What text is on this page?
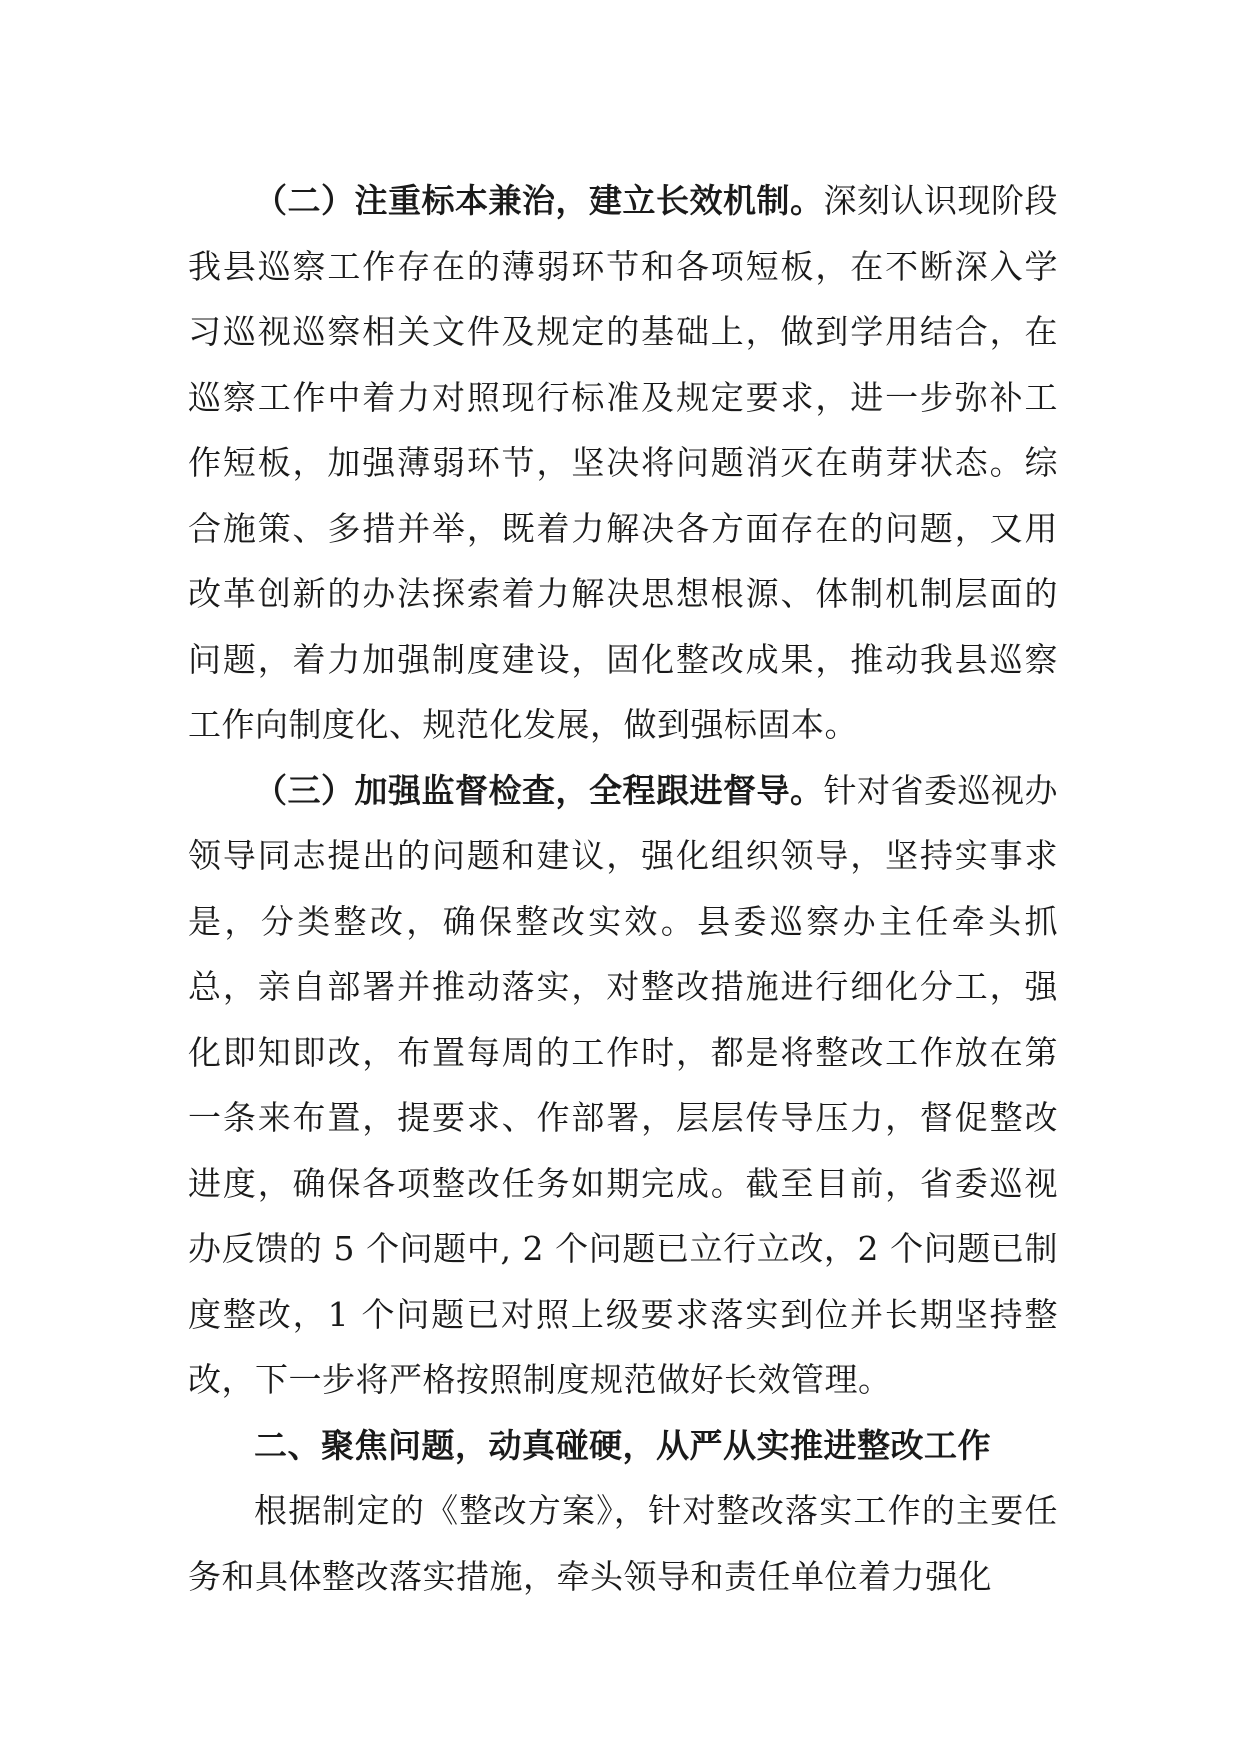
（二）注重标本兼治，建立长效机制。深刻认识现阶段我县巡察工作存在的薄弱环节和各项短板，在不断深入学习巡视巡察相关文件及规定的基础上，做到学用结合，在巡察工作中着力对照现行标准及规定要求，进一步弥补工作短板，加强薄弱环节，坚决将问题消灭在萌芽状态。综合施策、多措并举，既着力解决各方面存在的问题，又用改革创新的办法探索着力解决思想根源、体制机制层面的问题，着力加强制度建设，固化整改成果，推动我县巡察工作向制度化、规范化发展，做到强标固本。

（三）加强监督检查，全程跟进督导。针对省委巡视办领导同志提出的问题和建议，强化组织领导，坚持实事求是，分类整改，确保整改实效。县委巡察办主任牵头抓总，亲自部署并推动落实，对整改措施进行细化分工，强化即知即改，布置每周的工作时，都是将整改工作放在第一条来布置，提要求、作部署，层层传导压力，督促整改进度，确保各项整改任务如期完成。截至目前，省委巡视办反馈的 5 个问题中, 2 个问题已立行立改，2 个问题已制度整改，1 个问题已对照上级要求落实到位并长期坚持整改，下一步将严格按照制度规范做好长效管理。

二、聚焦问题，动真碰硬，从严从实推进整改工作

根据制定的《整改方案》，针对整改落实工作的主要任务和具体整改落实措施，牵头领导和责任单位着力强化
